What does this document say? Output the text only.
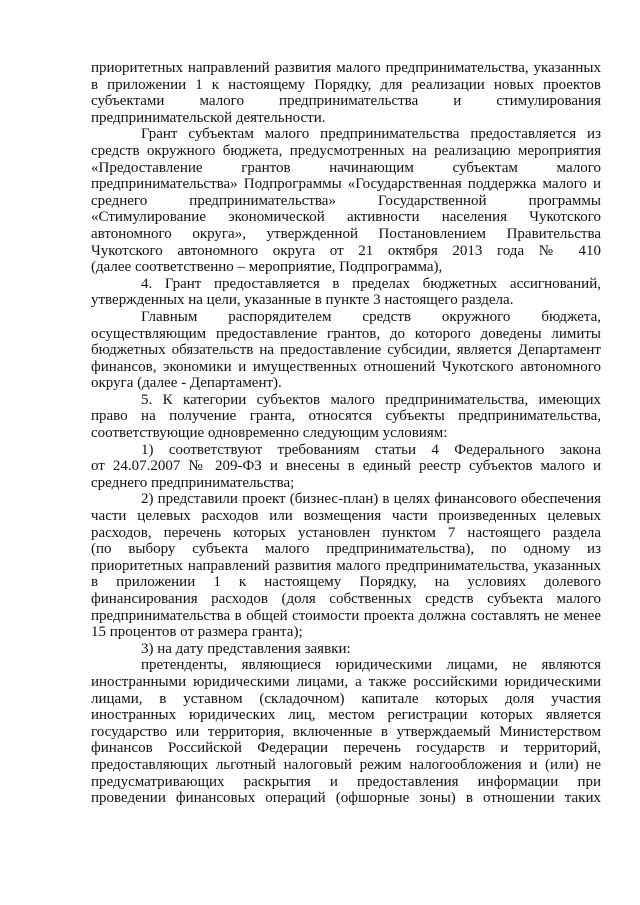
приоритетных направлений развития малого предпринимательства, указанных
в приложении 1 к настоящему Порядку, для реализации новых проектов
субъектами малого предпринимательства и стимулирования
предпринимательской деятельности.
Грант субъектам малого предпринимательства предоставляется из
средств окружного бюджета, предусмотренных на реализацию мероприятия
«Предоставление грантов начинающим субъектам малого
предпринимательства» Подпрограммы «Государственная поддержка малого и
среднего предпринимательства» Государственной программы
«Стимулирование экономической активности населения Чукотского
автономного округа», утвержденной Постановлением Правительства
Чукотского автономного округа от 21 октября 2013 года № 410
(далее соответственно – мероприятие, Подпрограмма),
4. Грант предоставляется в пределах бюджетных ассигнований,
утвержденных на цели, указанные в пункте 3 настоящего раздела.
Главным распорядителем средств окружного бюджета,
осуществляющим предоставление грантов, до которого доведены лимиты
бюджетных обязательств на предоставление субсидии, является Департамент
финансов, экономики и имущественных отношений Чукотского автономного
округа (далее - Департамент).
5. К категории субъектов малого предпринимательства, имеющих
право на получение гранта, относятся субъекты предпринимательства,
соответствующие одновременно следующим условиям:
1) соответствуют требованиям статьи 4 Федерального закона
от 24.07.2007 № 209-ФЗ и внесены в единый реестр субъектов малого и
среднего предпринимательства;
2) представили проект (бизнес-план) в целях финансового обеспечения
части целевых расходов или возмещения части произведенных целевых
расходов, перечень которых установлен пунктом 7 настоящего раздела
(по выбору субъекта малого предпринимательства), по одному из
приоритетных направлений развития малого предпринимательства, указанных
в приложении 1 к настоящему Порядку, на условиях долевого
финансирования расходов (доля собственных средств субъекта малого
предпринимательства в общей стоимости проекта должна составлять не менее
15 процентов от размера гранта);
3) на дату представления заявки:
претенденты, являющиеся юридическими лицами, не являются
иностранными юридическими лицами, а также российскими юридическими
лицами, в уставном (складочном) капитале которых доля участия
иностранных юридических лиц, местом регистрации которых является
государство или территория, включенные в утверждаемый Министерством
финансов Российской Федерации перечень государств и территорий,
предоставляющих льготный налоговый режим налогообложения и (или) не
предусматривающих раскрытия и предоставления информации при
проведении финансовых операций (офшорные зоны) в отношении таких
